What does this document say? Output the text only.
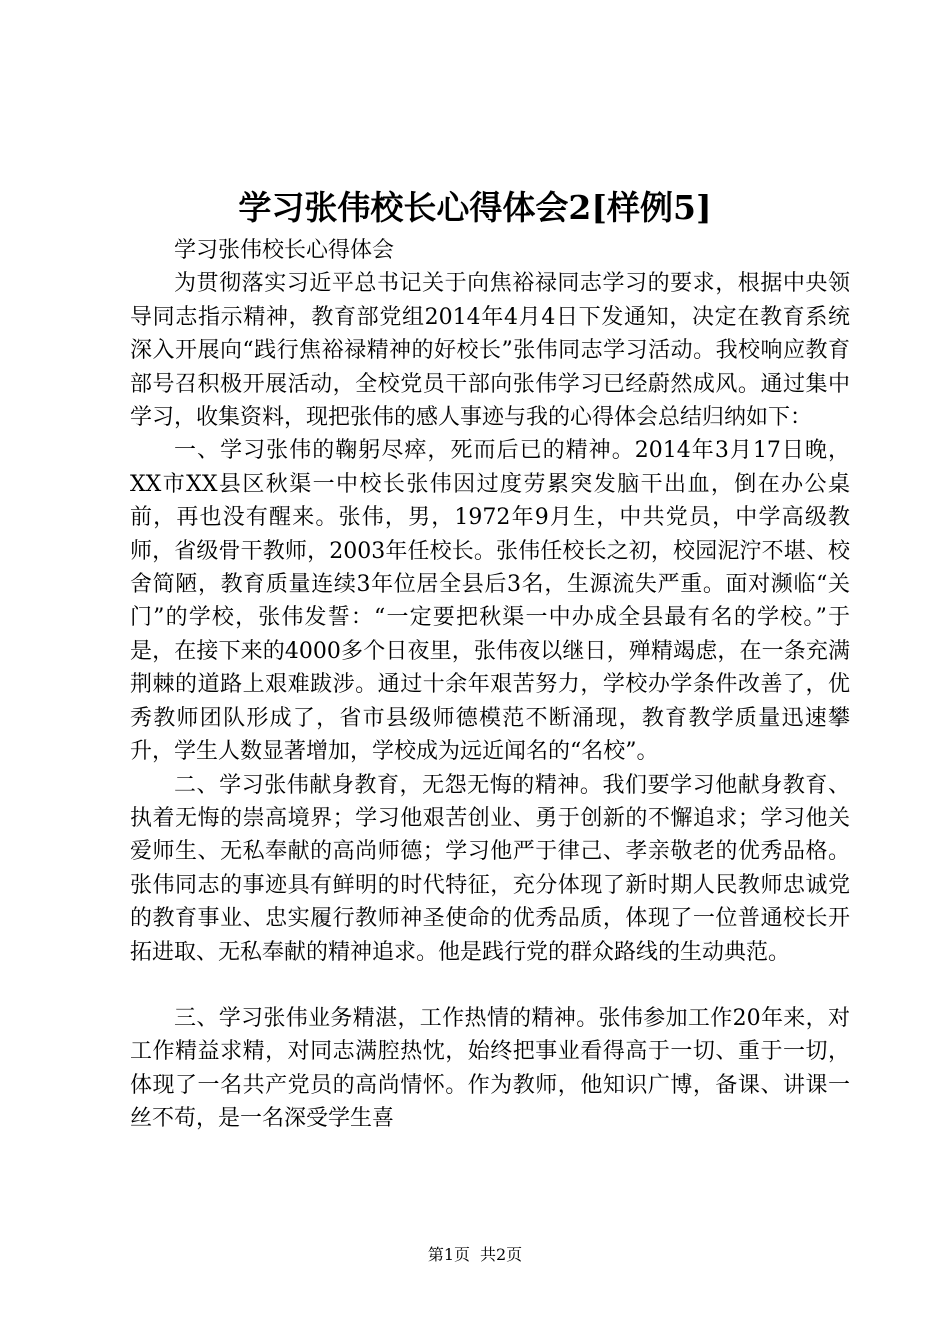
学习张伟校长心得体会2[样例5]

学习张伟校长心得体会

为贯彻落实习近平总书记关于向焦裕禄同志学习的要求，根据中央领导同志指示精神，教育部党组2014年4月4日下发通知，决定在教育系统深入开展向“践行焦裕禄精神的好校长”张伟同志学习活动。我校响应教育部号召积极开展活动，全校党员干部向张伟学习已经蔚然成风。通过集中学习，收集资料，现把张伟的感人事迹与我的心得体会总结归纳如下：

一、学习张伟的鞠躬尽瘁，死而后已的精神。2014年3月17日晚，XX市XX县区秋渠一中校长张伟因过度劳累突发脑干出血，倒在办公桌前，再也没有醒来。张伟，男，1972年9月生，中共党员，中学高级教师，省级骨干教师，2003年任校长。张伟任校长之初，校园泥泞不堪、校舍简陋，教育质量连续3年位居全县后3名，生源流失严重。面对濒临“关门”的学校，张伟发誓：“一定要把秋渠一中办成全县最有名的学校。”于是，在接下来的4000多个日夜里，张伟夜以继日，殚精竭虑，在一条充满荆棘的道路上艰难跋涉。通过十余年艰苦努力，学校办学条件改善了，优秀教师团队形成了，省市县级师德模范不断涌现，教育教学质量迅速攀升，学生人数显著增加，学校成为远近闻名的“名校”。

二、学习张伟献身教育，无怨无悔的精神。我们要学习他献身教育、执着无悔的崇高境界；学习他艰苦创业、勇于创新的不懈追求；学习他关爱师生、无私奉献的高尚师德；学习他严于律己、孝亲敬老的优秀品格。张伟同志的事迹具有鲜明的时代特征，充分体现了新时期人民教师忠诚党的教育事业、忠实履行教师神圣使命的优秀品质，体现了一位普通校长开拓进取、无私奉献的精神追求。他是践行党的群众路线的生动典范。

三、学习张伟业务精湛，工作热情的精神。张伟参加工作20年来，对工作精益求精，对同志满腔热忱，始终把事业看得高于一切、重于一切，体现了一名共产党员的高尚情怀。作为教师，他知识广博，备课、讲课一丝不苟，是一名深受学生喜

第1页 共2页
